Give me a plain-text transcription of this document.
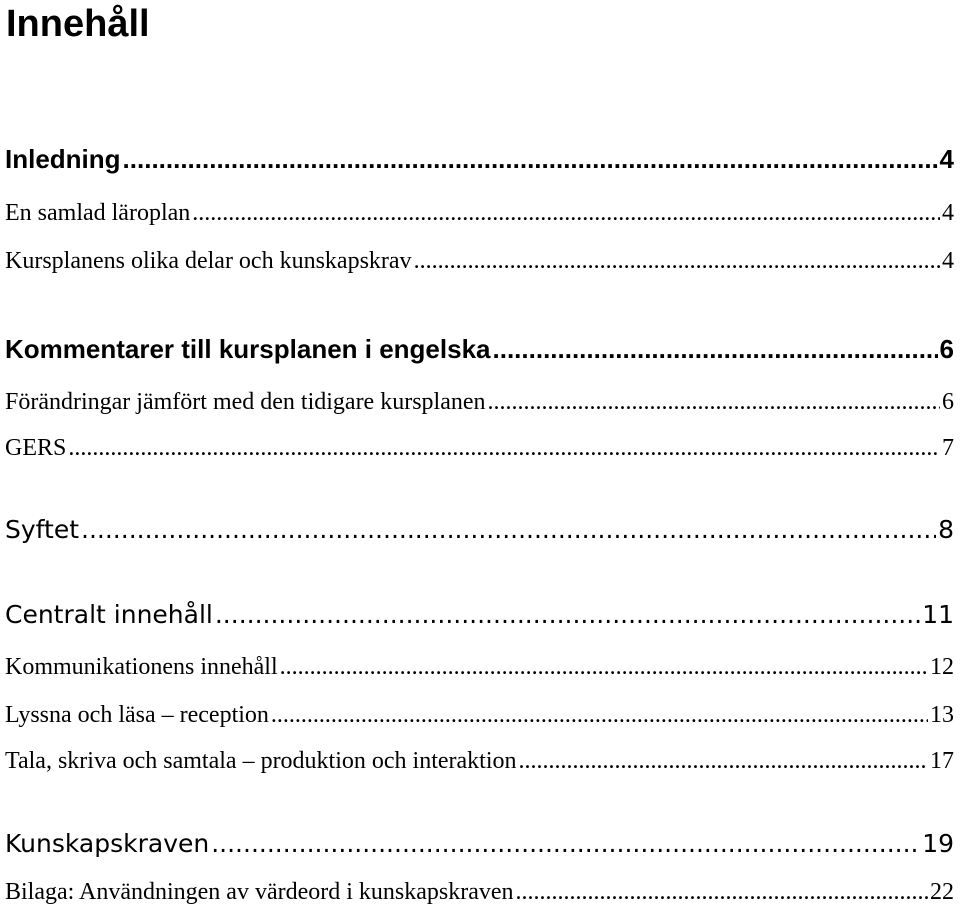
Innehåll
Inledning .....	4
En samlad läroplan .....	4
Kursplanens olika delar och kunskapskrav .....	4
Kommentarer till kursplanen i engelska .....	6
Förändringar jämfört med den tidigare kursplanen .....	6
GERS .....	7
Syftet .....	8
Centralt innehåll .....	11
Kommunikationens innehåll .....	12
Lyssna och läsa – reception .....	13
Tala, skriva och samtala – produktion och interaktion .....	17
Kunskapskraven .....	19
Bilaga: Användningen av värdeord i kunskapskraven .....	22
